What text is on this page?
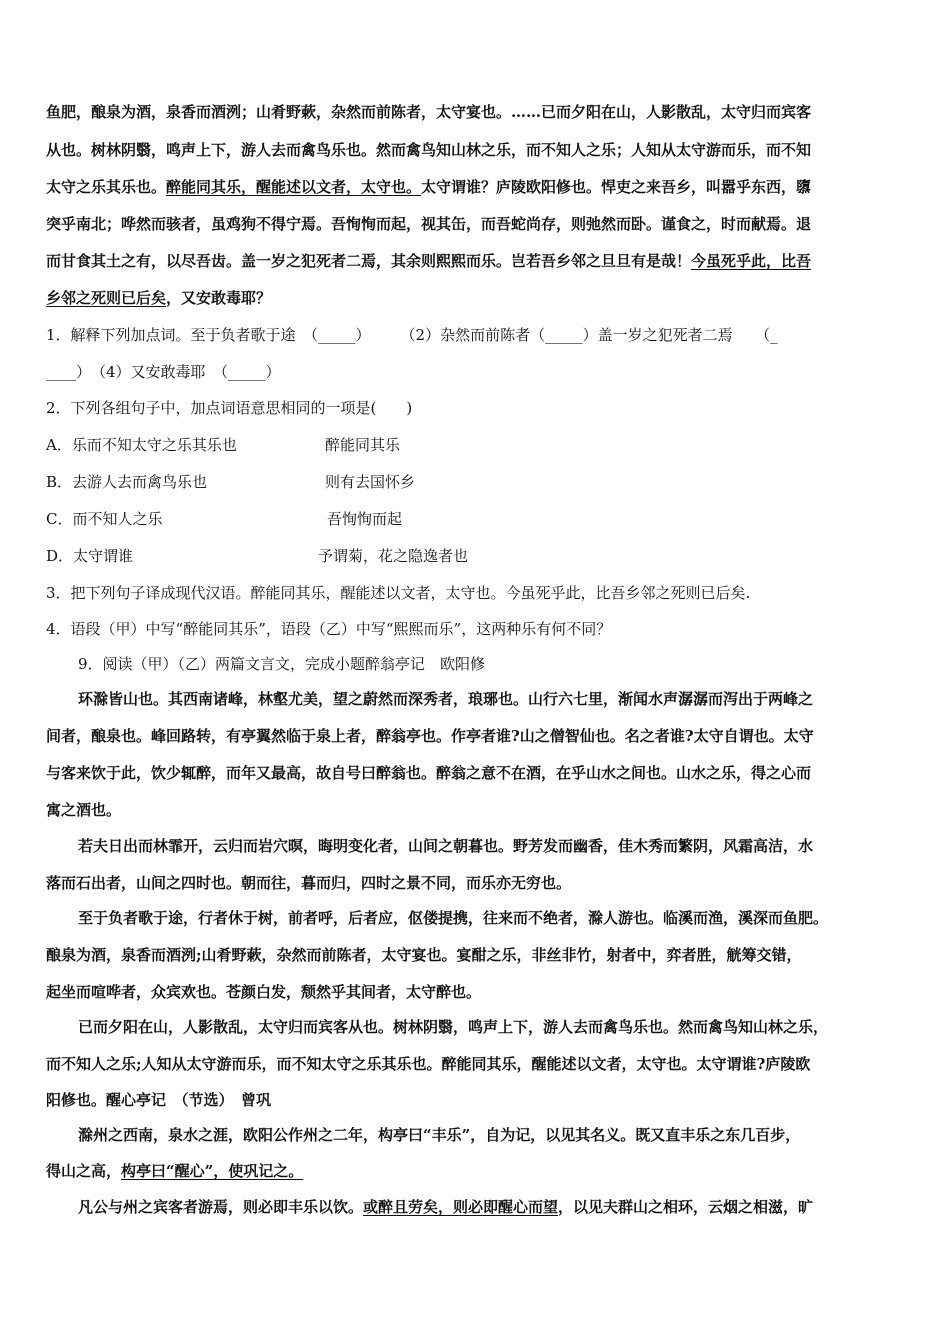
鱼肥，酿泉为酒，泉香而酒洌；山肴野蔌，杂然而前陈者，太守宴也。……已而夕阳在山，人影散乱，太守归而宾客
从也。树林阴翳，鸣声上下，游人去而禽鸟乐也。然而禽鸟知山林之乐，而不知人之乐；人知从太守游而乐，而不知
太守之乐其乐也。醉能同其乐，醒能述以文者，太守也。太守谓谁？庐陵欧阳修也。悍吏之来吾乡，叫嚣乎东西，隳
突乎南北；哗然而骇者，虽鸡狗不得宁焉。吾恂恂而起，视其缶，而吾蛇尚存，则弛然而卧。谨食之，时而献焉。退
而甘食其土之有，以尽吾齿。盖一岁之犯死者二焉，其余则熙熙而乐。岂若吾乡邻之旦旦有是哉！今虽死乎此，比吾
乡邻之死则已后矣，又安敢毒耶？
1．解释下列加点词。至于负者歌于途　（_____）　　　（2）杂然而前陈者（_____）盖一岁之犯死者二焉　　（_
____）　（4）又安敢毒耶　（_____）
2．下列各组句子中，加点词语意思相同的一项是(　　)
A．乐而不知太守之乐其乐也	醉能同其乐
B．去游人去而禽鸟乐也	则有去国怀乡
C．而不知人之乐	吾恂恂而起
D．太守谓谁	予谓菊，花之隐逸者也
3．把下列句子译成现代汉语。醉能同其乐，醒能述以文者，太守也。今虽死乎此，比吾乡邻之死则已后矣.
4．语段（甲）中写“醉能同其乐”，语段（乙）中写“熙熙而乐”，这两种乐有何不同？
9．阅读（甲）（乙）两篇文言文，完成小题醉翁亭记　欧阳修
环滁皆山也。其西南诸峰，林壑尤美，望之蔚然而深秀者，琅琊也。山行六七里，渐闻水声潺潺而泻出于两峰之
间者，酿泉也。峰回路转，有亭翼然临于泉上者，醉翁亭也。作亭者谁?山之僧智仙也。名之者谁?太守自谓也。太守
与客来饮于此，饮少辄醉，而年又最高，故自号曰醉翁也。醉翁之意不在酒，在乎山水之间也。山水之乐，得之心而
寓之酒也。
若夫日出而林霏开，云归而岩穴暝，晦明变化者，山间之朝暮也。野芳发而幽香，佳木秀而繁阴，风霜高洁，水
落而石出者，山间之四时也。朝而往，暮而归，四时之景不同，而乐亦无穷也。
至于负者歌于途，行者休于树，前者呼，后者应，伛偻提携，往来而不绝者，滁人游也。临溪而渔，溪深而鱼肥。
酿泉为酒，泉香而酒洌;山肴野蔌，杂然而前陈者，太守宴也。宴酣之乐，非丝非竹，射者中，弈者胜，觥筹交错，
起坐而喧哗者，众宾欢也。苍颜白发，颓然乎其间者，太守醉也。
已而夕阳在山，人影散乱，太守归而宾客从也。树林阴翳，鸣声上下，游人去而禽鸟乐也。然而禽鸟知山林之乐，
而不知人之乐;人知从太守游而乐，而不知太守之乐其乐也。醉能同其乐，醒能述以文者，太守也。太守谓谁?庐陵欧
阳修也。醒心亭记　（节选）　曾巩
滁州之西南，泉水之涯，欧阳公作州之二年，构亭曰“丰乐”，自为记，以见其名义。既又直丰乐之东几百步，
得山之高，构亭曰“醒心”，使巩记之。
凡公与州之宾客者游焉，则必即丰乐以饮。或醉且劳矣，则必即醒心而望，以见夫群山之相环，云烟之相滋，旷
